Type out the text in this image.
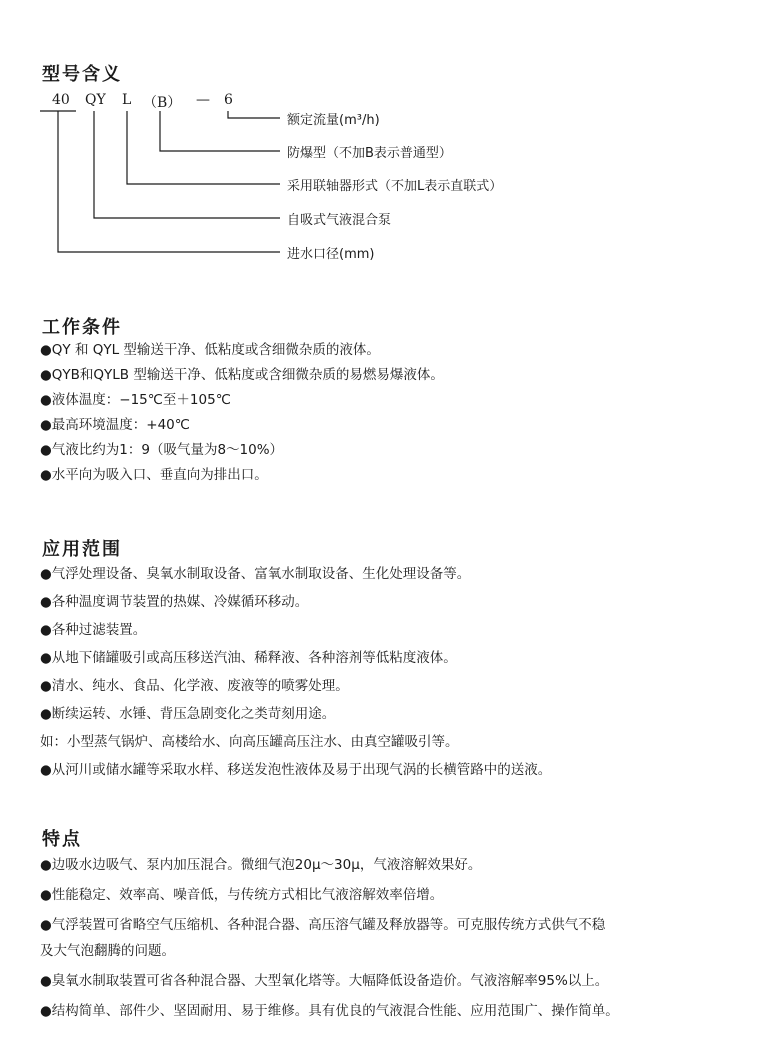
型号含义
40 QY L （B） — 6
额定流量(m³/h)
防爆型（不加B表示普通型）
采用联轴器形式（不加L表示直联式）
自吸式气液混合泵
进水口径(mm)
工作条件
●QY 和 QYL 型输送干净、低粘度或含细微杂质的液体。
●QYB和QYLB 型输送干净、低粘度或含细微杂质的易燃易爆液体。
●液体温度：−15℃至＋105℃
●最高环境温度：+40℃
●气液比约为1：9（吸气量为8～10%）
●水平向为吸入口、垂直向为排出口。
应用范围
●气浮处理设备、臭氧水制取设备、富氧水制取设备、生化处理设备等。
●各种温度调节装置的热媒、冷媒循环移动。
●各种过滤装置。
●从地下储罐吸引或高压移送汽油、稀释液、各种溶剂等低粘度液体。
●清水、纯水、食品、化学液、废液等的喷雾处理。
●断续运转、水锤、背压急剧变化之类苛刻用途。
如：小型蒸气锅炉、高楼给水、向高压罐高压注水、由真空罐吸引等。
●从河川或储水罐等采取水样、移送发泡性液体及易于出现气涡的长横管路中的送液。
特点
●边吸水边吸气、泵内加压混合。微细气泡20μ～30μ，气液溶解效果好。
●性能稳定、效率高、噪音低，与传统方式相比气液溶解效率倍增。
●气浮装置可省略空气压缩机、各种混合器、高压溶气罐及释放器等。可克服传统方式供气不稳
及大气泡翻腾的问题。
●臭氧水制取装置可省各种混合器、大型氧化塔等。大幅降低设备造价。气液溶解率95%以上。
●结构简单、部件少、坚固耐用、易于维修。具有优良的气液混合性能、应用范围广、操作简单。
